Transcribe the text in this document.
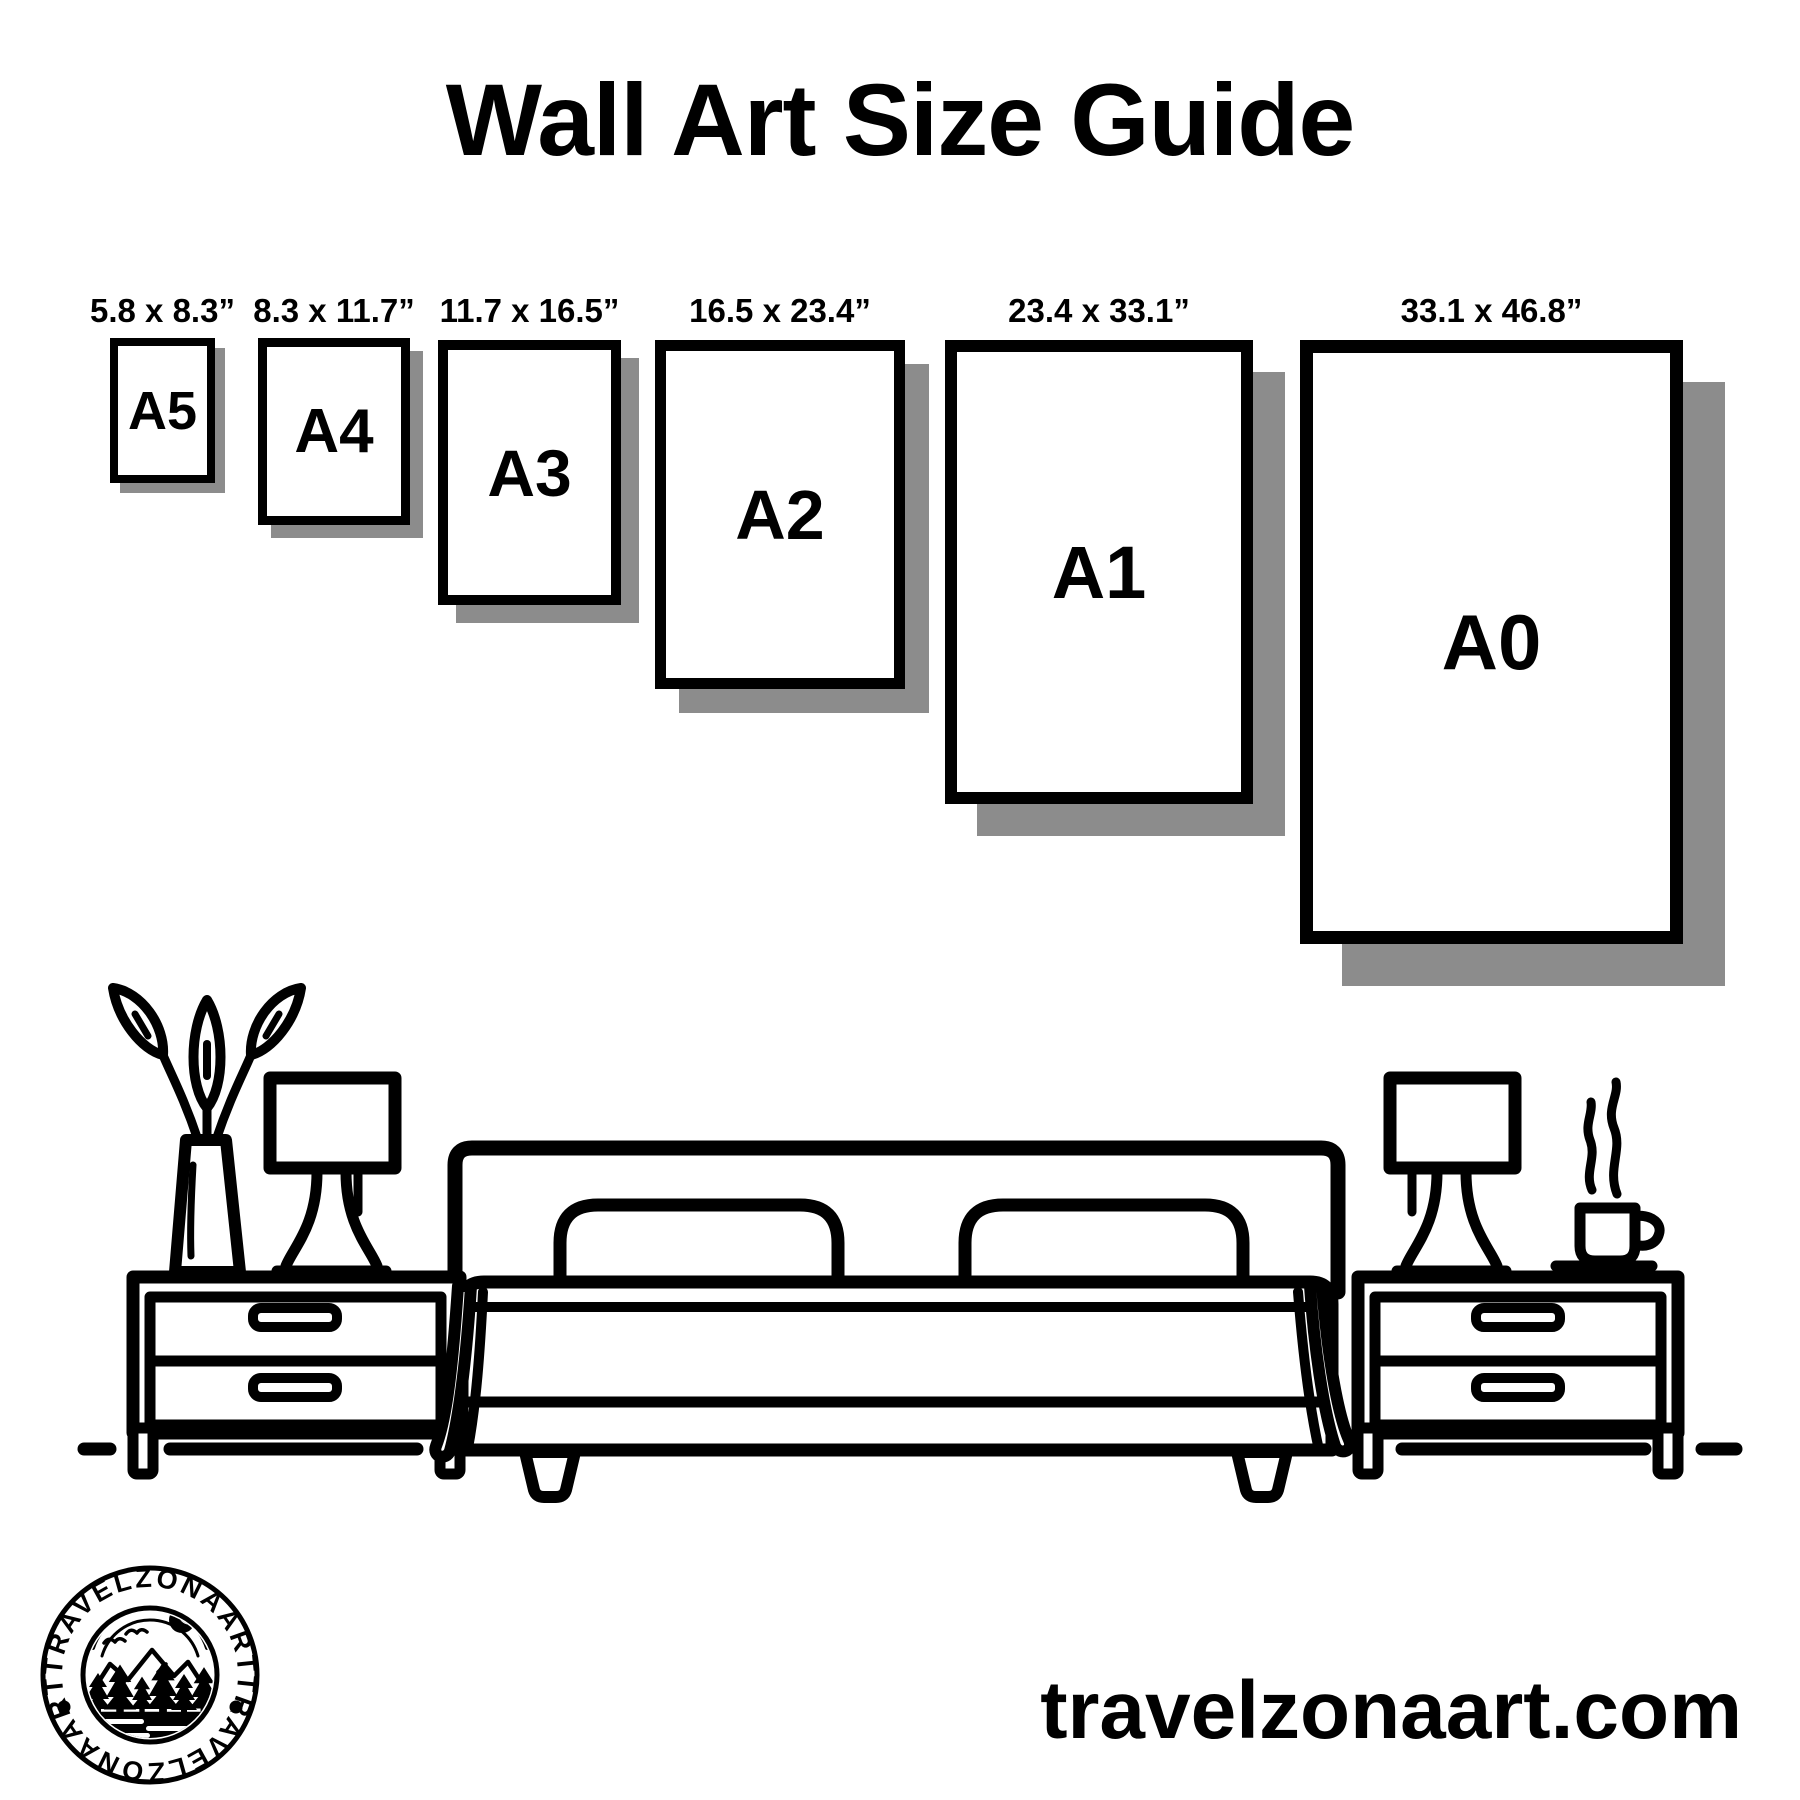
Wall Art Size Guide
5.8 x 8.3” 8.3 x 11.7” 11.7 x 16.5”	16.5 x 23.4”	23.4 x 33.1”	33.1 x 46.8”
A5 A4
A3
A2
A1
A0
TRAVELZONAART
TRAVELZONAART	travelzonaart.com
